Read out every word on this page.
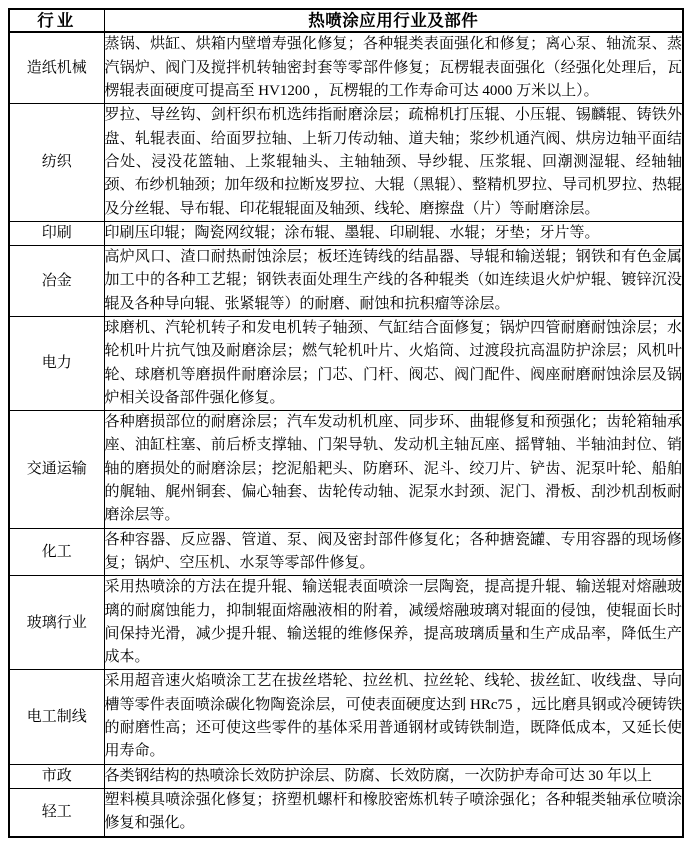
行业	热喷涂应用行业及部件
造纸机械	蒸锅、烘缸、烘箱内壁增寿强化修复；各种辊类表面强化和修复；离心泵、轴流泵、蒸汽锅炉、阀门及搅拌机转轴密封套等零部件修复；瓦楞辊表面强化（经强化处理后，瓦楞辊表面硬度可提高至 HV1200 ，瓦楞辊的工作寿命可达 4000 万米以上）。
纺织	罗拉、导丝钩、剑杆织布机选纬指耐磨涂层；疏棉机打压辊、小压辊、锡麟辊、铸铁外盘、轧辊表面、给面罗拉轴、上斩刀传动轴、道夫轴；浆纱机通汽阀、烘房边轴平面结合处、浸没花篮轴、上浆辊轴头、主轴轴颈、导纱辊、压浆辊、回潮测湿辊、经轴轴颈、布纱机轴颈；加年级和拉断岌罗拉、大辊（黑辊）、整精机罗拉、导司机罗拉、热辊及分丝辊、导布辊、印花辊辊面及轴颈、线轮、磨擦盘（片）等耐磨涂层。
印刷	印刷压印辊；陶瓷网纹辊；涂布辊、墨辊、印刷辊、水辊；牙垫；牙片等。
冶金	高炉风口、渣口耐热耐蚀涂层；板坯连铸线的结晶器、导辊和输送辊；钢铁和有色金属加工中的各种工艺辊；钢铁表面处理生产线的各种辊类（如连续退火炉炉辊、镀锌沉没辊及各种导向辊、张紧辊等）的耐磨、耐蚀和抗积瘤等涂层。
电力	球磨机、汽轮机转子和发电机转子轴颈、气缸结合面修复；锅炉四管耐磨耐蚀涂层；水轮机叶片抗气蚀及耐磨涂层；燃气轮机叶片、火焰筒、过渡段抗高温防护涂层；风机叶轮、球磨机等磨损件耐磨涂层；门芯、门杆、阀芯、阀门配件、阀座耐磨耐蚀涂层及锅炉相关设备部件强化修复。
交通运输	各种磨损部位的耐磨涂层；汽车发动机机座、同步环、曲辊修复和预强化；齿轮箱轴承座、油缸柱塞、前后桥支撑轴、门架导轨、发动机主轴瓦座、摇臂轴、半轴油封位、销轴的磨损处的耐磨涂层；挖泥船耙头、防磨环、泥斗、绞刀片、铲齿、泥泵叶轮、船舶的艉轴、艉州铜套、偏心轴套、齿轮传动轴、泥泵水封颈、泥门、滑板、刮沙机刮板耐磨涂层等。
化工	各种容器、反应器、管道、泵、阀及密封部件修复化；各种搪瓷罐、专用容器的现场修复；锅炉、空压机、水泵等零部件修复。
玻璃行业	采用热喷涂的方法在提升辊、输送辊表面喷涂一层陶瓷，提高提升辊、输送辊对熔融玻璃的耐腐蚀能力，抑制辊面熔融液相的附着，减缓熔融玻璃对辊面的侵蚀，使辊面长时间保持光滑，减少提升辊、输送辊的维修保养，提高玻璃质量和生产成品率，降低生产成本。
电工制线	采用超音速火焰喷涂工艺在拔丝塔轮、拉丝机、拉丝轮、线轮、拔丝缸、收线盘、导向槽等零件表面喷涂碳化物陶瓷涂层，可使表面硬度达到 HRc75 ，远比磨具钢或冷硬铸铁的耐磨性高；还可使这些零件的基体采用普通钢材或铸铁制造，既降低成本，又延长使用寿命。
市政	各类钢结构的热喷涂长效防护涂层、防腐、长效防腐，一次防护寿命可达 30 年以上
轻工	塑料模具喷涂强化修复；挤塑机螺杆和橡胶密炼机转子喷涂强化；各种辊类轴承位喷涂修复和强化。
